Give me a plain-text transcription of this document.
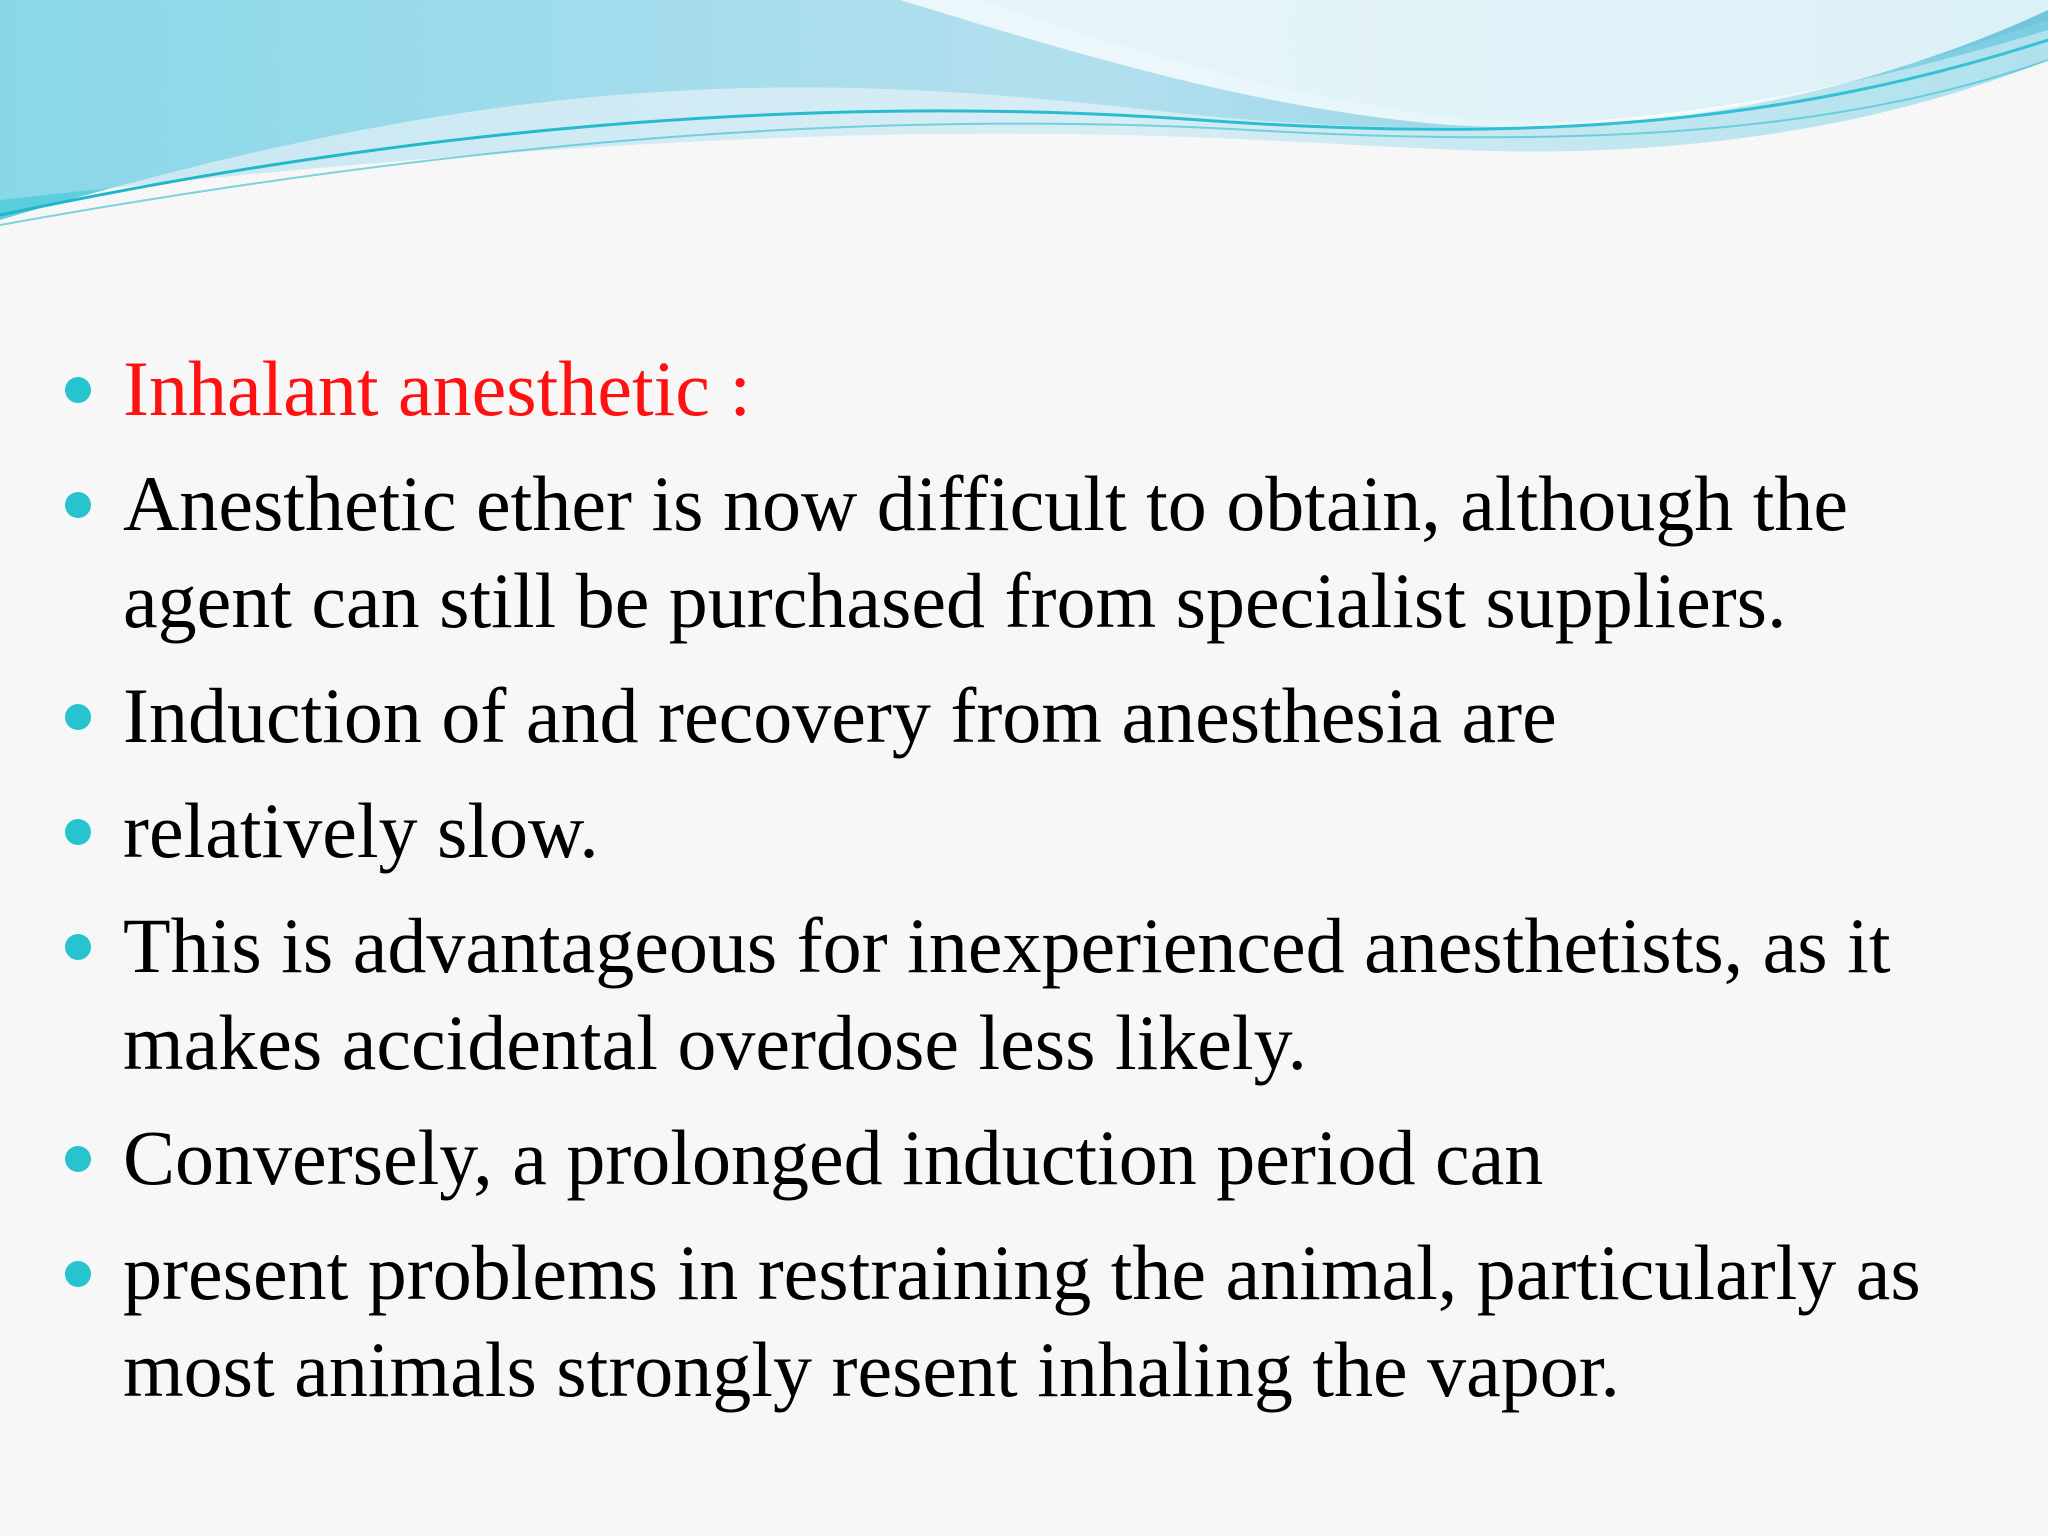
Inhalant anesthetic :
Anesthetic ether is now difficult to obtain, although the agent can still be purchased from specialist suppliers.
Induction of and recovery from anesthesia are
relatively slow.
This is advantageous for inexperienced anesthetists, as it makes accidental overdose less likely.
Conversely, a prolonged induction period can
present problems in restraining the animal, particularly as most animals strongly resent inhaling the vapor.
